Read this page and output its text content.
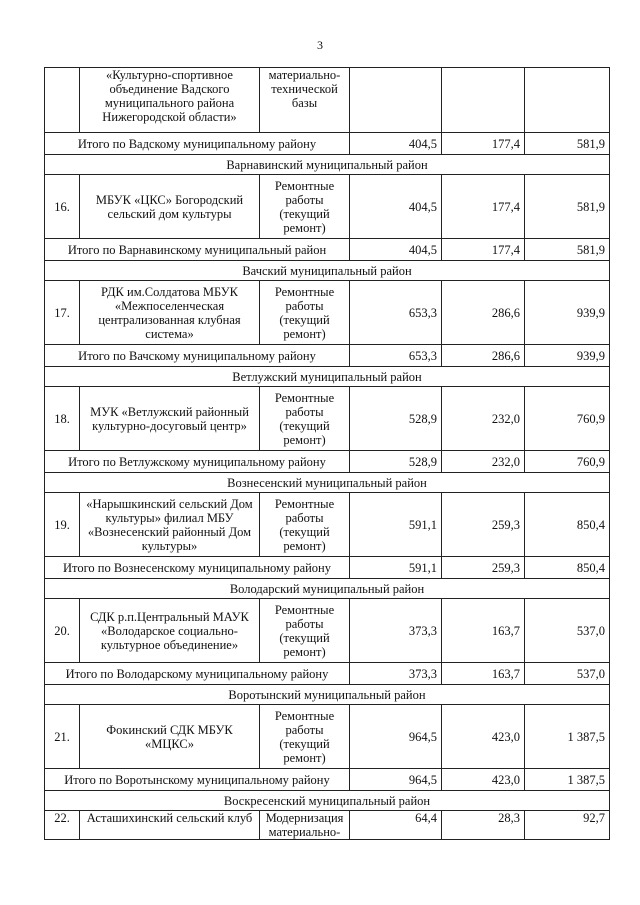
3
	«Культурно-спортивное объединение Вадского муниципального района Нижегородской области»	материально-технической базы			
Итого по Вадскому муниципальному району			404,5	177,4	581,9
Варнавинский муниципальный район					
16.	МБУК «ЦКС» Богородский сельский дом культуры	Ремонтные работы (текущий ремонт)	404,5	177,4	581,9
Итого по Варнавинскому муниципальный район			404,5	177,4	581,9
Вачский муниципальный район					
17.	РДК им.Солдатова МБУК «Межпоселенческая централизованная клубная система»	Ремонтные работы (текущий ремонт)	653,3	286,6	939,9
Итого по Вачскому муниципальному району			653,3	286,6	939,9
Ветлужский муниципальный район					
18.	МУК «Ветлужский районный культурно-досуговый центр»	Ремонтные работы (текущий ремонт)	528,9	232,0	760,9
Итого по Ветлужскому муниципальному району			528,9	232,0	760,9
Вознесенский муниципальный район					
19.	«Нарышкинский сельский Дом культуры» филиал МБУ «Вознесенский районный Дом культуры»	Ремонтные работы (текущий ремонт)	591,1	259,3	850,4
Итого по Вознесенскому муниципальному району			591,1	259,3	850,4
Володарский муниципальный район					
20.	СДК р.п.Центральный МАУК «Володарское социально-культурное объединение»	Ремонтные работы (текущий ремонт)	373,3	163,7	537,0
Итого по Володарскому муниципальному району			373,3	163,7	537,0
Воротынский муниципальный район					
21.	Фокинский СДК МБУК «МЦКС»	Ремонтные работы (текущий ремонт)	964,5	423,0	1 387,5
Итого по Воротынскому муниципальному району			964,5	423,0	1 387,5
Воскресенский муниципальный район					
22.	Асташихинский сельский клуб	Модернизация материально-	64,4	28,3	92,7
